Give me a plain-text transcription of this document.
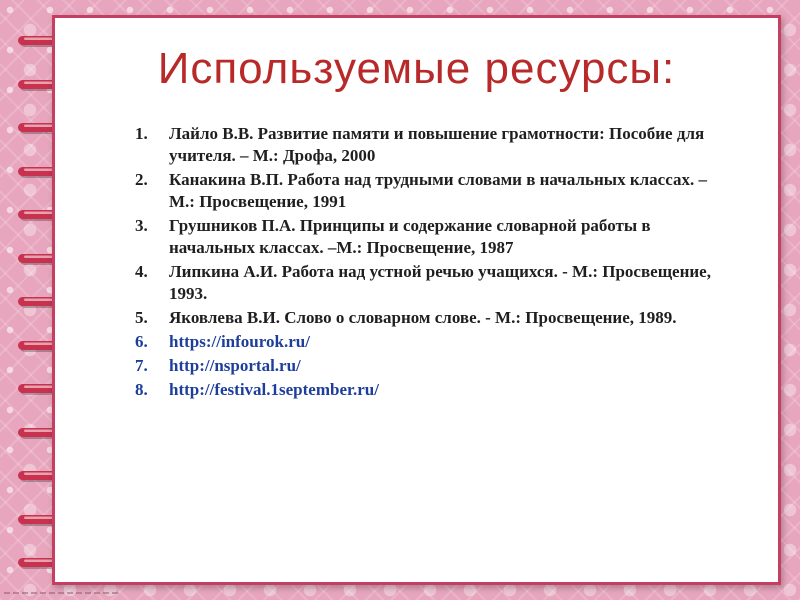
Используемые ресурсы:
1. Лайло В.В. Развитие памяти и повышение грамотности: Пособие для учителя. – М.: Дрофа, 2000
2. Канакина В.П. Работа над трудными словами в начальных классах. – М.: Просвещение, 1991
3. Грушников П.А. Принципы и содержание словарной работы в начальных классах. –М.: Просвещение, 1987
4. Липкина А.И. Работа над устной речью учащихся. - М.: Просвещение, 1993.
5. Яковлева В.И. Слово о словарном слове. - М.: Просвещение, 1989.
6. https://infourok.ru/
7. http://nsportal.ru/
8. http://festival.1september.ru/
